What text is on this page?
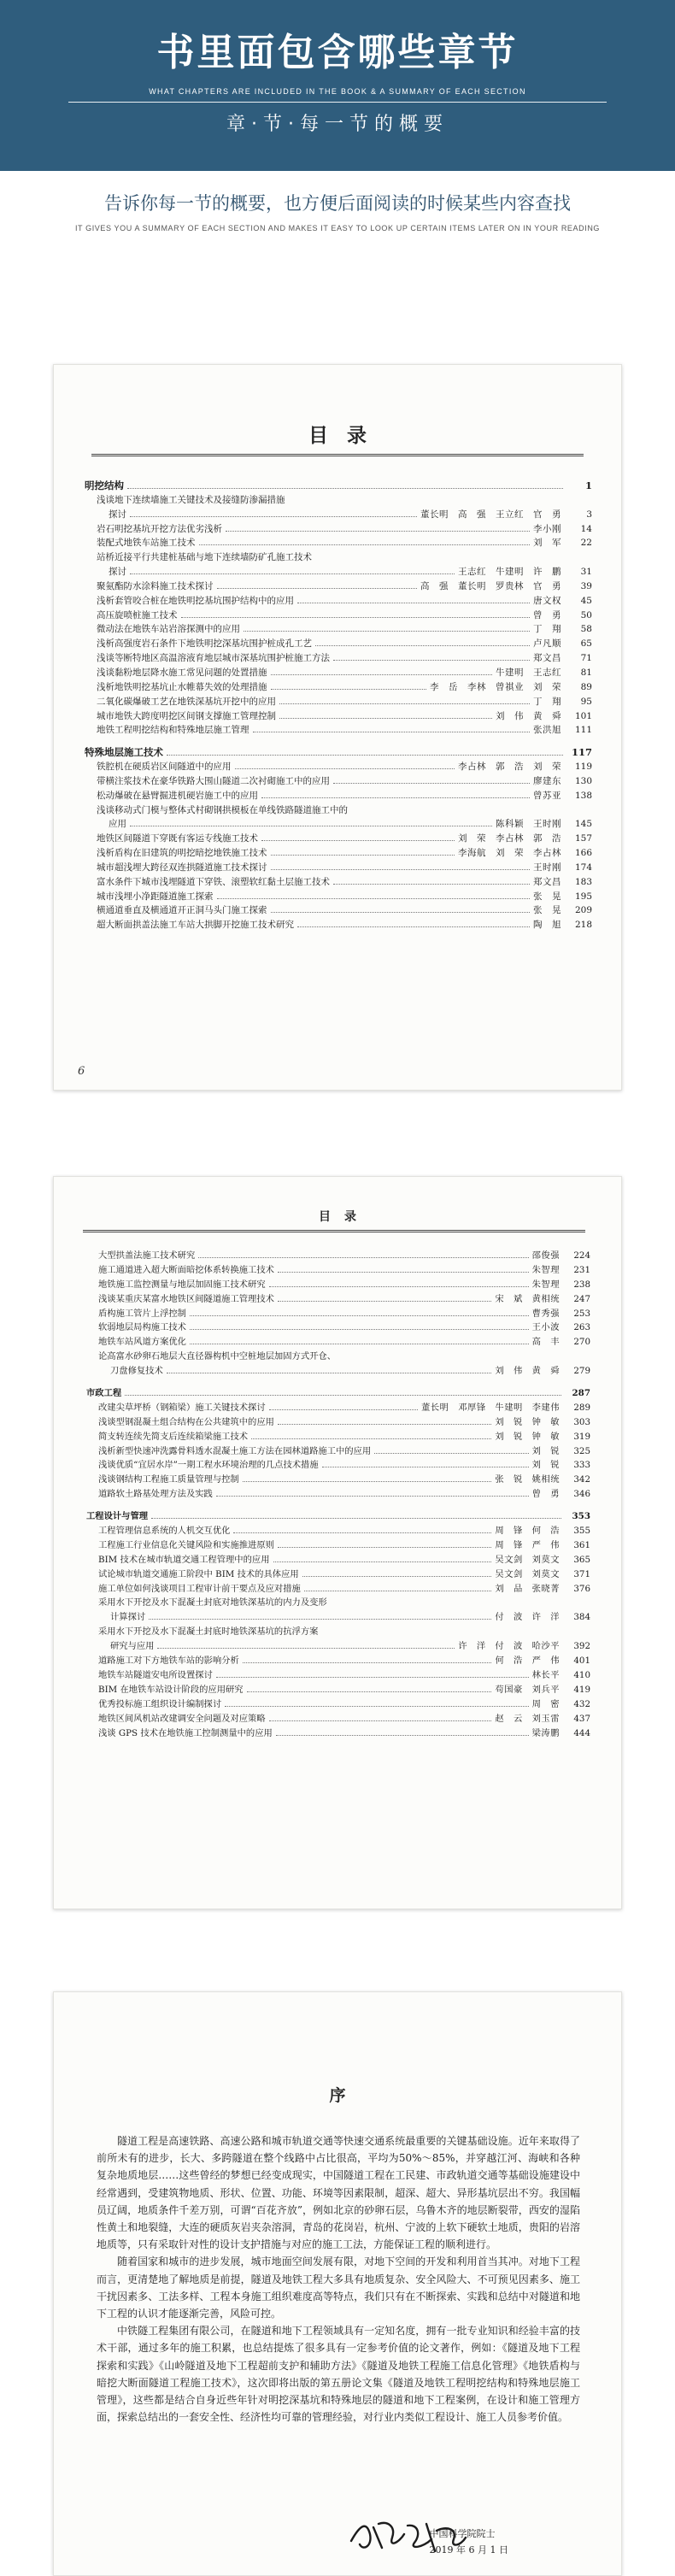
书里面包含哪些章节
WHAT CHAPTERS ARE INCLUDED IN THE BOOK & A SUMMARY OF EACH SECTION
章·节·每一节的概要
告诉你每一节的概要，也方便后面阅读的时候某些内容查找
IT GIVES YOU A SUMMARY OF EACH SECTION AND MAKES IT EASY TO LOOK UP CERTAIN ITEMS LATER ON IN YOUR READING
目录
明挖结构	1
浅谈地下连续墙施工关键技术及接缝防渗漏措施
探讨	董长明　高　强　王立红　官　勇	3
岩石明挖基坑开挖方法优劣浅析	李小刚	14
装配式地铁车站施工技术	刘　军	22
站桥近接平行共建桩基础与地下连续墙防矿孔施工技术
探讨	王志红　牛建明　许　鹏	31
聚氨酯防水涂料施工技术探讨	高　强　董长明　罗贵林　官　勇	39
浅析套管咬合桩在地铁明挖基坑围护结构中的应用	唐文权	45
高压旋喷桩施工技术	曾　勇	50
微动法在地铁车站岩溶探测中的应用	丁　翔	58
浅析高强度岩石条件下地铁明挖深基坑围护桩成孔工艺	卢凡顺	65
浅谈等断特地区高温溶液育地层城市深基坑围护桩施工方法	郑文昌	71
浅谈黏粉地层降水施工常见问题的处置措施	牛建明　王志红	81
浅析地铁明挖基坑止水帷幕失效的处理措施	李　岳　李林　曾祺业　刘　荣	89
二氧化碳爆破工艺在地铁深基坑开挖中的应用	丁　翔	95
城市地铁大跨度明挖区间钢支撑施工管理控制	刘　伟　黄　舜	101
地铁工程明挖结构和特殊地层施工管理	张洪旭	111
特殊地层施工技术	117
铁腔机在硬质岩区间隧道中的应用	李占林　郭　浩　刘　荣	119
带横注浆技术在豪华铁路大围山隧道二次衬砌施工中的应用	廖建东	130
松动爆破在悬臂掘进机硬岩施工中的应用	曾苏亚	138
浅谈移动式门模与整体式村砌钢拱模板在单线铁路隧道施工中的
应用	陈科颖　王时刚	145
地铁区间隧道下穿既有客运专线施工技术	刘　荣　李占林　郭　浩	157
浅析盾构在旧建筑的明挖暗挖地铁施工技术	李海航　刘　荣　李占林	166
城市超浅埋大跨径双连拱隧道施工技术探讨	王时刚	174
富水条件下城市浅埋隧道下穿铁、滚塑软红黏土层施工技术	郑文昌	183
城市浅埋小净距隧道施工探索	张　晃	195
横通道垂直及横通道开正洞马头门施工探索	张　晃	209
超大断面拱盖法施工车站大拱脚开挖施工技术研究	陶　旭	218
6
目录
大型拱盖法施工技术研究	邵俊强	224
施工通道进入超大断面暗挖体系转换施工技术	朱智理	231
地铁施工监控测量与地层加固施工技术研究	朱智理	238
浅谈某重庆某富水地铁区间隧道施工管理技术	宋　斌　黄相统	247
盾构施工管片上浮控制	曹秀强	253
软弱地层局构施工技术	王小波	263
地铁车站风道方案优化	高　丰	270
论高富水砂卵石地层大直径器构机中空桩地层加固方式开仓、
刀盘修复技术	刘　伟　黄　舜	279
市政工程	287
改建尖草坪桥（钢箱梁）施工关键技术探讨	董长明　邓厚锋　牛建明　李建伟	289
浅谈型钢混凝土组合结构在公共建筑中的应用	刘　锐　钟　敏	303
简支转连续先简支后连续箱梁施工技术	刘　锐　钟　敏	319
浅析新型快速冲洗露骨料透水混凝土施工方法在园林道路施工中的应用	刘　锐	325
浅谈优质“宜居水岸”一期工程水环境治理的几点技术措施	刘　锐	333
浅谈钢结构工程施工质量管理与控制	张　锐　姚相统	342
道路软土路基处理方法及实践	曾　勇	346
工程设计与管理	353
工程管理信息系统的人机交互优化	周　锋　何　浩	355
工程施工行业信息化关键风险和实施推进原则	周　锋　严　伟	361
BIM 技术在城市轨道交通工程管理中的应用	吴文剑　刘莫文	365
试论城市轨道交通施工阶段中 BIM 技术的具体应用	吴文剑　刘莫文	371
施工单位如何浅谈项目工程审计前干要点及应对措施	刘　品　张晓菁	376
采用水下开挖及水下混凝土封底对地铁深基坑的内力及变形
计算探讨	付　波　许　洋	384
采用水下开挖及水下混凝土封底时地铁深基坑的抗浮方案
研究与应用	许　洋　付　波　哈沙平	392
道路施工对下方地铁车站的影响分析	何　浩　严　伟	401
地铁车站隧道安电所设置探讨	林长平	410
BIM 在地铁车站设计阶段的应用研究	苟国豪　刘兵平	419
优秀投标施工组织设计编制探讨	周　密	432
地铁区间风机站改建调安全问题及对应策略	赵　云　刘玉雷	437
浅谈 GPS 技术在地铁施工控制测量中的应用	梁涛鹏	444
序

隧道工程是高速铁路、高速公路和城市轨道交通等快速交通系统最重要的关键基础设施。近年来取得了前所未有的进步，长大、多跨隧道在整个线路中占比很高，平均为50%～85%，并穿越江河、海峡和各种复杂地质地层……这些曾经的梦想已经变成现实，中国隧道工程在工民建、市政轨道交通等基础设施建设中经常遇到，受建筑物地质、形状、位置、功能、环境等因素限制，超深、超大、异形基坑层出不穷。我国幅员辽阔，地质条件千差万别，可谓“百花齐放”，例如北京的砂卵石层，乌鲁木齐的地层断裂带，西安的湿陷性黄土和地裂缝，大连的硬质灰岩夹杂溶洞，青岛的花岗岩，杭州、宁波的上软下硬软土地质，贵阳的岩溶地质等，只有采取针对性的设计支护措施与对应的施工工法，方能保证工程的顺利进行。

随着国家和城市的进步发展，城市地面空间发展有限，对地下空间的开发和利用首当其冲。对地下工程而言，更清楚地了解地质是前提，隧道及地铁工程大多具有地质复杂、安全风险大、不可预见因素多、施工干扰因素多、工法多样、工程本身施工组织难度高等特点，我们只有在不断探索、实践和总结中对隧道和地下工程的认识才能逐渐完善，风险可控。

中铁隧工程集团有限公司，在隧道和地下工程领域具有一定知名度，拥有一批专业知识和经验丰富的技术干部，通过多年的施工积累，也总结提炼了很多具有一定参考价值的论文著作，例如：《隧道及地下工程探索和实践》《山岭隧道及地下工程超前支护和辅助方法》《隧道及地铁工程施工信息化管理》《地铁盾构与暗挖大断面隧道工程施工技术》，这次即将出版的第五册论文集《隧道及地铁工程明挖结构和特殊地层施工管理》，这些都是结合自身近些年针对明挖深基坑和特殊地层的隧道和地下工程案例，在设计和施工管理方面，探索总结出的一套安全性、经济性均可靠的管理经验，对行业内类似工程设计、施工人员参考价值。

中国科学院院士
2019 年 6 月 1 日
